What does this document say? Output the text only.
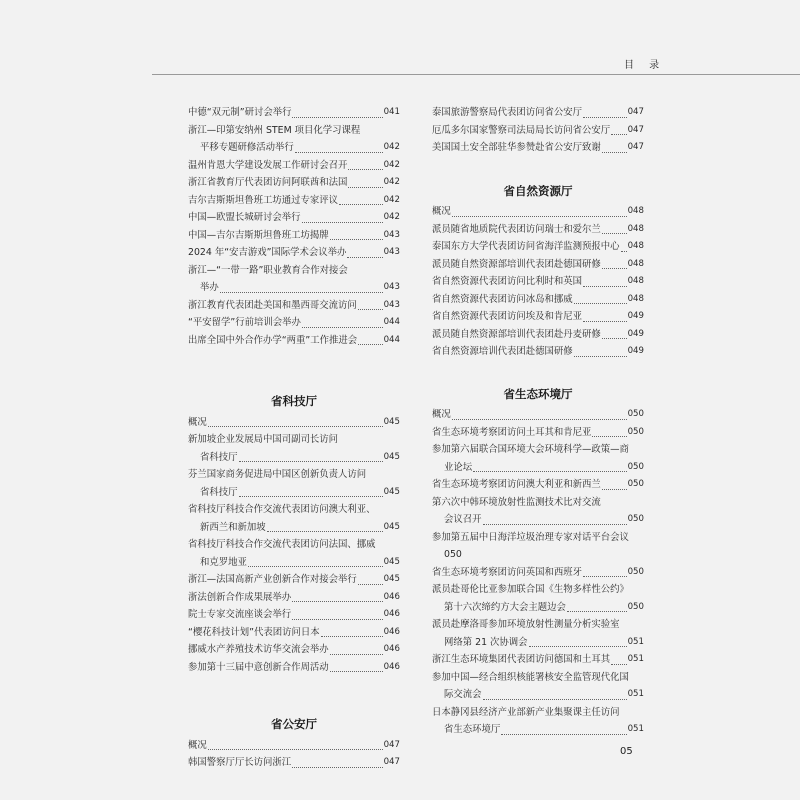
目 录
中德“双元制”研讨会举行	041
浙江—印第安纳州 STEM 项目化学习课程
平移专题研修活动举行	042
温州肯恩大学建设发展工作研讨会召开	042
浙江省教育厅代表团访问阿联酋和法国	042
吉尔吉斯斯坦鲁班工坊通过专家评议	042
中国—欧盟长城研讨会举行	042
中国—吉尔吉斯斯坦鲁班工坊揭牌	043
2024 年“安吉游戏”国际学术会议举办	043
浙江—“一带一路”职业教育合作对接会
举办	043
浙江教育代表团赴美国和墨西哥交流访问	043
“平安留学”行前培训会举办	044
出席全国中外合作办学“两重”工作推进会	044
省科技厅
概况	045
新加坡企业发展局中国司副司长访问
省科技厅	045
芬兰国家商务促进局中国区创新负责人访问
省科技厅	045
省科技厅科技合作交流代表团访问澳大利亚、
新西兰和新加坡	045
省科技厅科技合作交流代表团访问法国、挪威
和克罗地亚	045
浙江—法国高新产业创新合作对接会举行	045
浙法创新合作成果展举办	046
院士专家交流座谈会举行	046
“樱花科技计划”代表团访问日本	046
挪威水产养殖技术访华交流会举办	046
参加第十三届中意创新合作周活动	046
省公安厅
概况	047
韩国警察厅厅长访问浙江	047
泰国旅游警察局代表团访问省公安厅	047
厄瓜多尔国家警察司法局局长访问省公安厅 047
美国国土安全部驻华参赞赴省公安厅致谢	047
省自然资源厅
概况	048
派员随省地质院代表团访问瑞士和爱尔兰	048
泰国东方大学代表团访问省海洋监测预报中心 048
派员随自然资源部培训代表团赴德国研修	048
省自然资源代表团访问比利时和英国	048
省自然资源代表团访问冰岛和挪威	048
省自然资源代表团访问埃及和肯尼亚	049
派员随自然资源部培训代表团赴丹麦研修	049
省自然资源培训代表团赴德国研修	049
省生态环境厅
概况	050
省生态环境考察团访问土耳其和肯尼亚	050
参加第六届联合国环境大会环境科学—政策—商
业论坛	050
省生态环境考察团访问澳大利亚和新西兰	050
第六次中韩环境放射性监测技术比对交流
会议召开	050
参加第五届中日海洋垃圾治理专家对话平台会议
050
省生态环境考察团访问英国和西班牙	050
派员赴哥伦比亚参加联合国《生物多样性公约》
第十六次缔约方大会主题边会	050
派员赴摩洛哥参加环境放射性测量分析实验室
网络第 21 次协调会	051
浙江生态环境集团代表团访问德国和土耳其 051
参加中国—经合组织核能署核安全监管现代化国
际交流会	051
日本静冈县经济产业部新产业集聚课主任访问
省生态环境厅	051
05
